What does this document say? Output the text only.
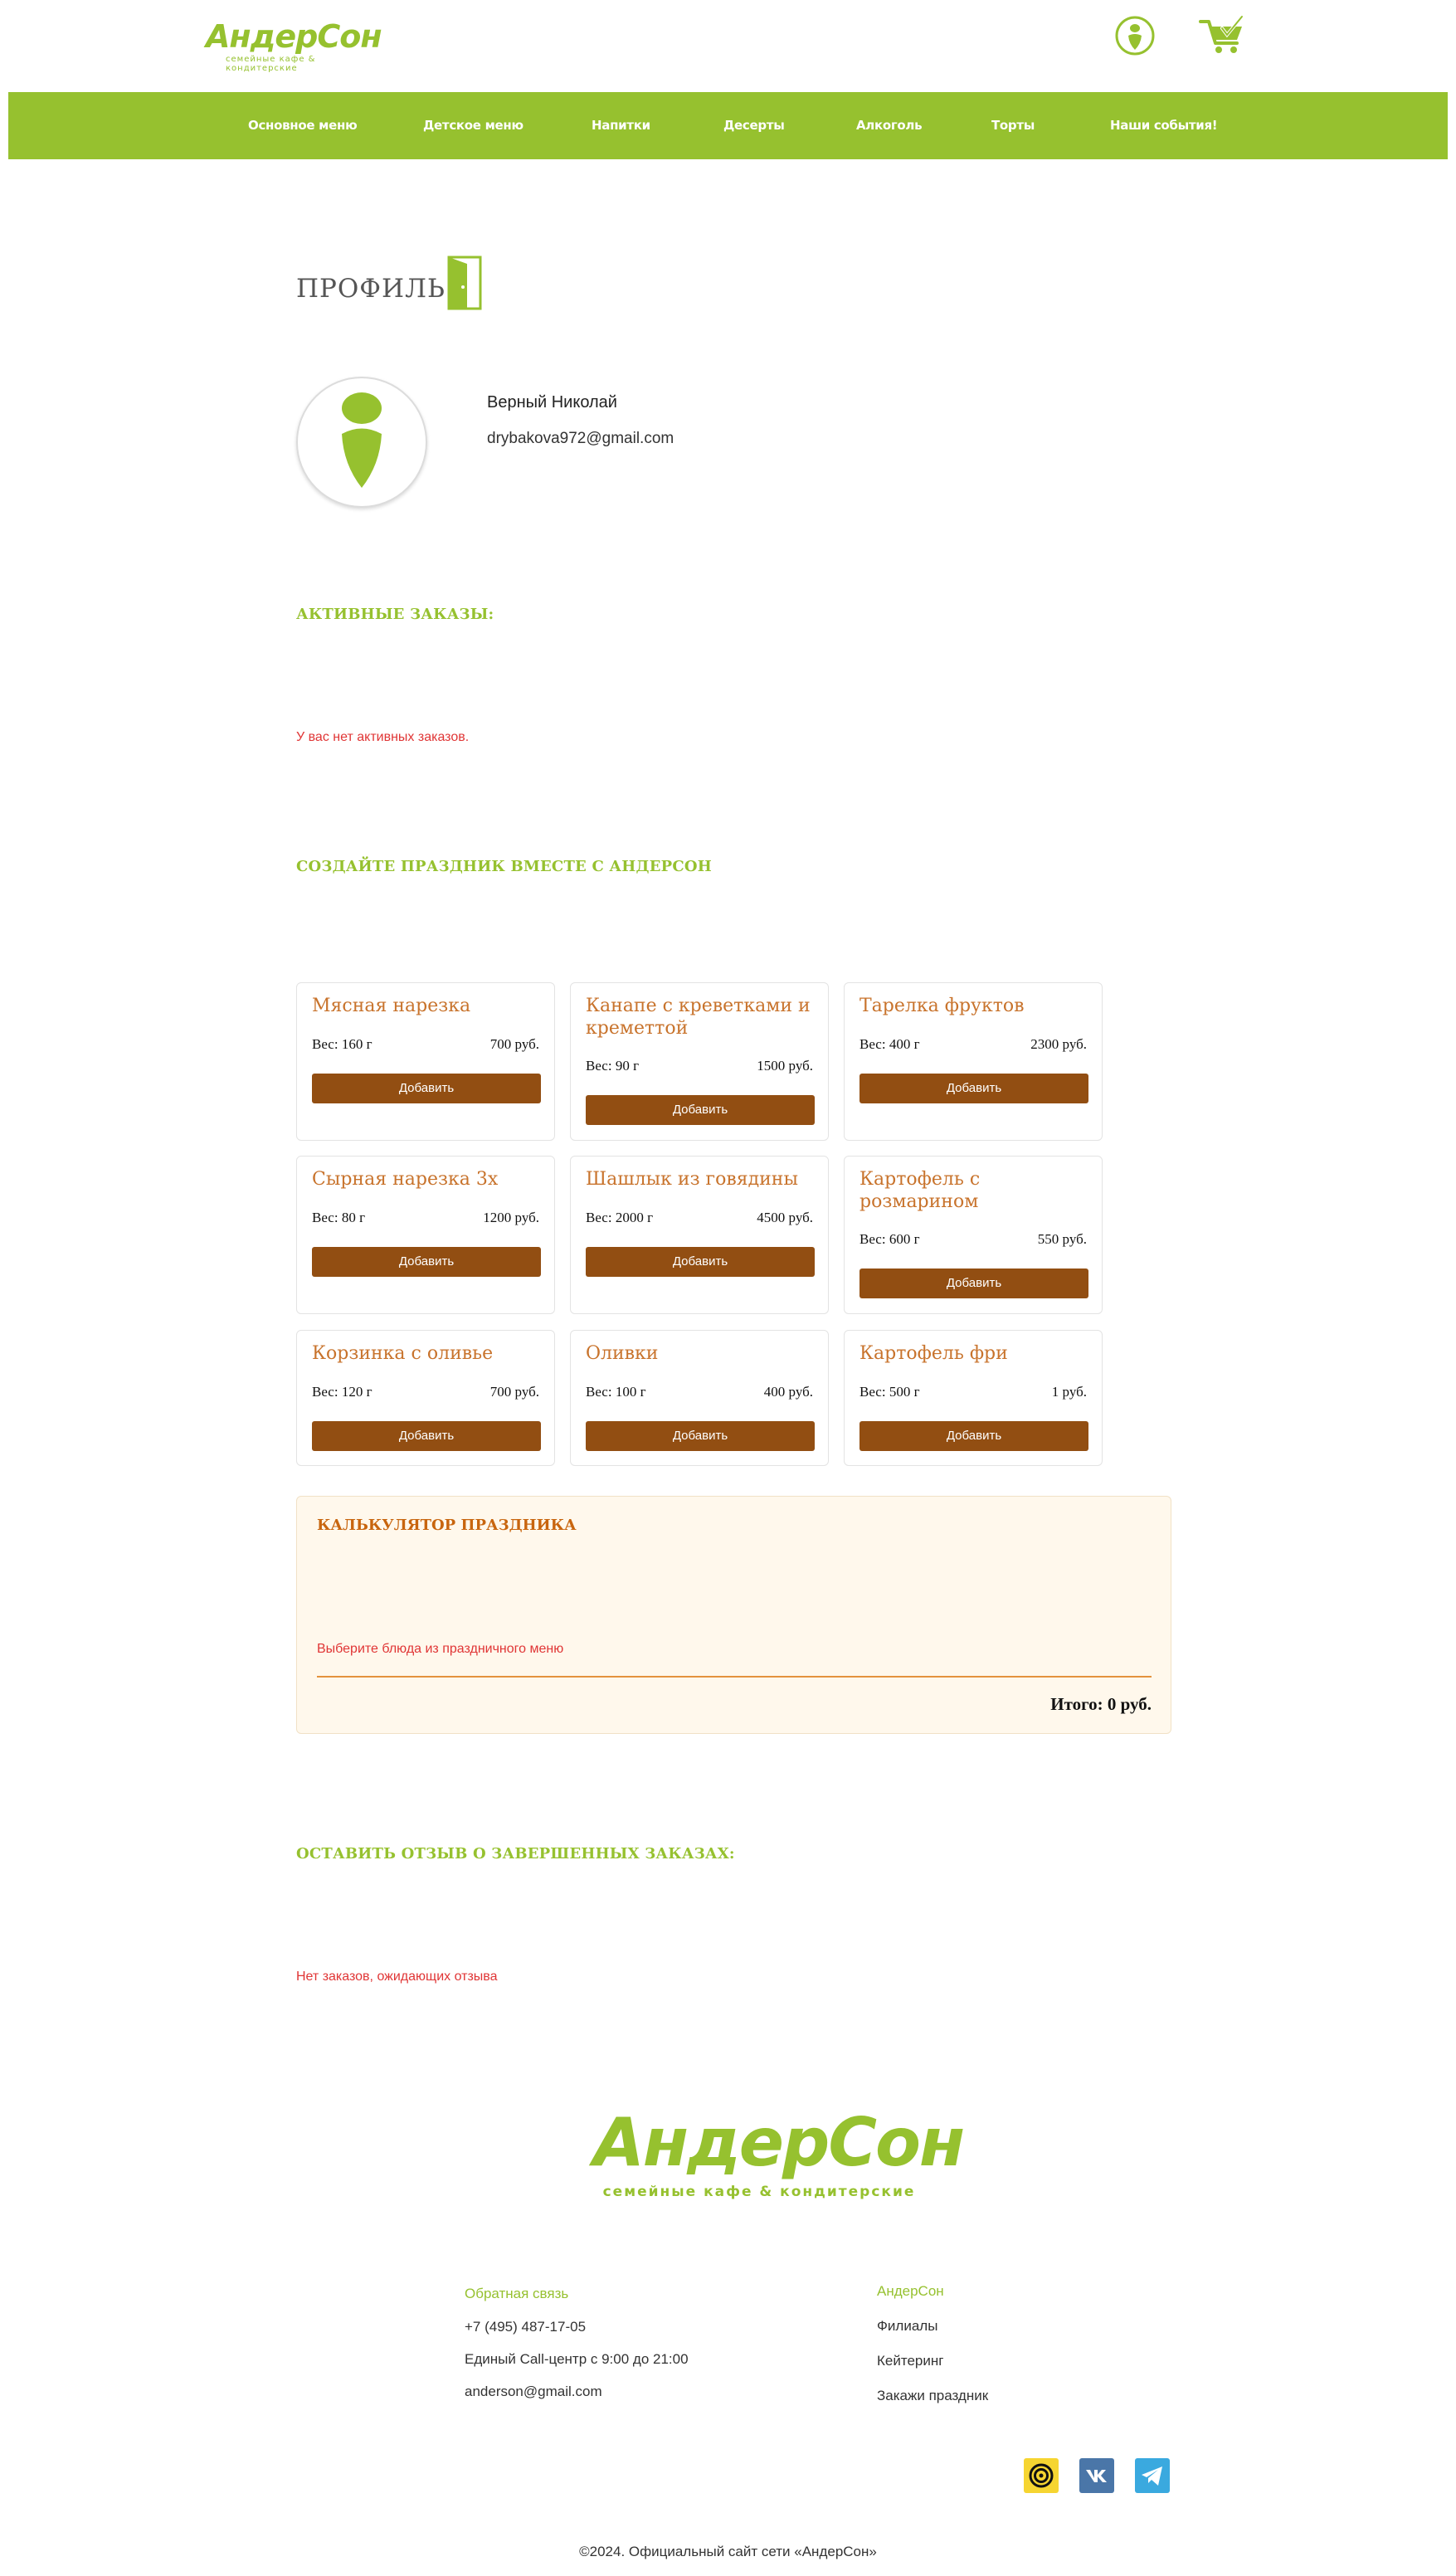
АндерСон
семейные кафе & кондитерские
Основное меню	Детское меню	Напитки	Десерты	Алкоголь	Торты	Наши события!
ПРОФИЛЬ
Верный Николай
drybakova972@gmail.com
АКТИВНЫЕ ЗАКАЗЫ:
У вас нет активных заказов.
СОЗДАЙТЕ ПРАЗДНИК ВМЕСТЕ С АНДЕРСОН
Мясная нарезка
Вес: 160 г	700 руб.
Добавить
Канапе с креветками и креметтой
Вес: 90 г	1500 руб.
Добавить
Тарелка фруктов
Вес: 400 г	2300 руб.
Добавить
Сырная нарезка 3х
Вес: 80 г	1200 руб.
Добавить
Шашлык из говядины
Вес: 2000 г	4500 руб.
Добавить
Картофель с розмарином
Вес: 600 г	550 руб.
Добавить
Корзинка с оливье
Вес: 120 г	700 руб.
Добавить
Оливки
Вес: 100 г	400 руб.
Добавить
Картофель фри
Вес: 500 г	1 руб.
Добавить
КАЛЬКУЛЯТОР ПРАЗДНИКА
Выберите блюда из праздничного меню
Итого: 0 руб.
ОСТАВИТЬ ОТЗЫВ О ЗАВЕРШЕННЫХ ЗАКАЗАХ:
Нет заказов, ожидающих отзыва
АндерСон
семейные кафе & кондитерские
Обратная связь
+7 (495) 487-17-05
Единый Call-центр с 9:00 до 21:00
anderson@gmail.com
АндерСон
Филиалы
Кейтеринг
Закажи праздник
©2024. Официальный сайт сети «АндерСон»
